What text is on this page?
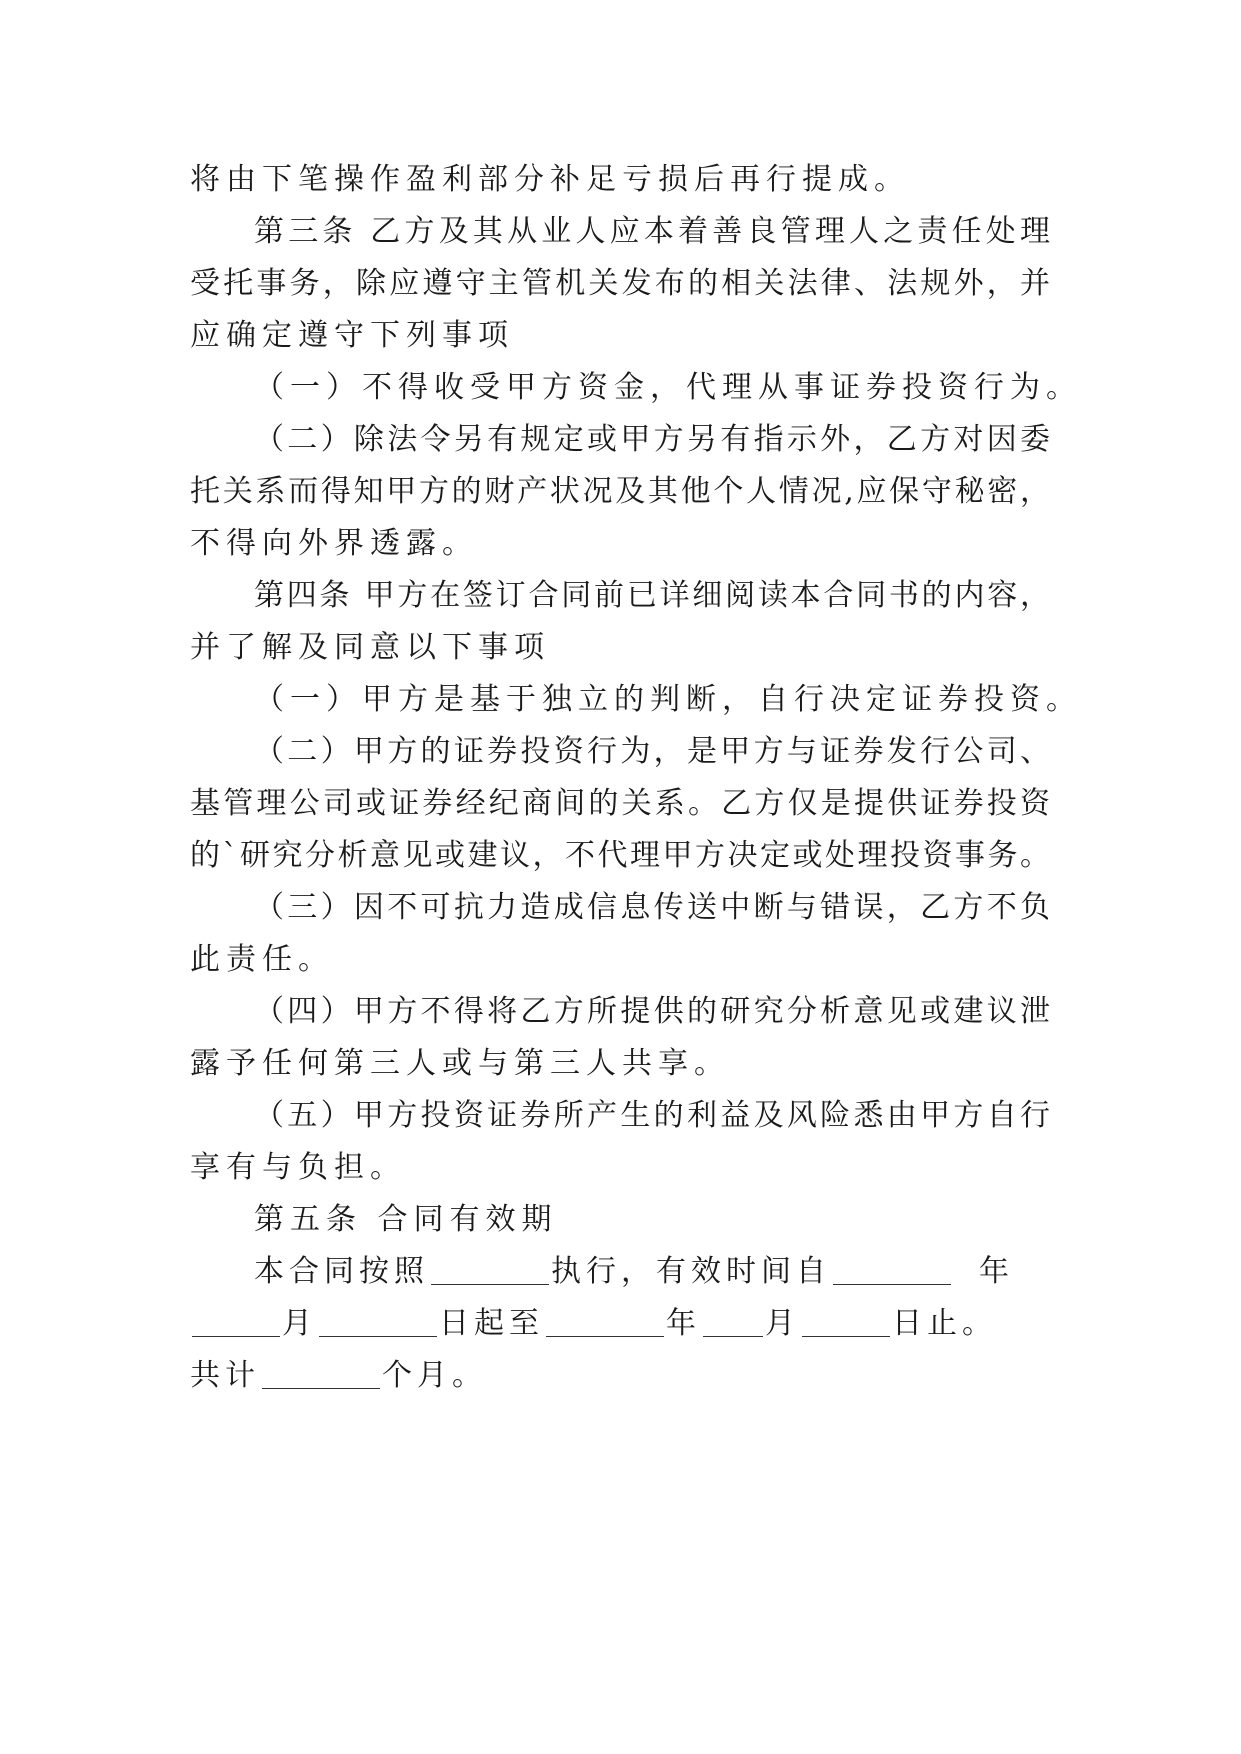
将由下笔操作盈利部分补足亏损后再行提成。
第三条 乙方及其从业人应本着善良管理人之责任处理
受托事务，除应遵守主管机关发布的相关法律、法规外，并
应确定遵守下列事项
（一）不得收受甲方资金，代理从事证券投资行为。
（二）除法令另有规定或甲方另有指示外，乙方对因委
托关系而得知甲方的财产状况及其他个人情况,应保守秘密，
不得向外界透露。
第四条 甲方在签订合同前已详细阅读本合同书的内容，
并了解及同意以下事项
（一）甲方是基于独立的判断，自行决定证券投资。
（二）甲方的证券投资行为，是甲方与证券发行公司、
基管理公司或证券经纪商间的关系。乙方仅是提供证券投资
的`研究分析意见或建议，不代理甲方决定或处理投资事务。
（三）因不可抗力造成信息传送中断与错误，乙方不负
此责任。
（四）甲方不得将乙方所提供的研究分析意见或建议泄
露予任何第三人或与第三人共享。
（五）甲方投资证券所产生的利益及风险悉由甲方自行
享有与负担。
第五条 合同有效期
本合同按照	执行，有效时间自	年
月	日起至	年 月	日止。
共计	个月。
